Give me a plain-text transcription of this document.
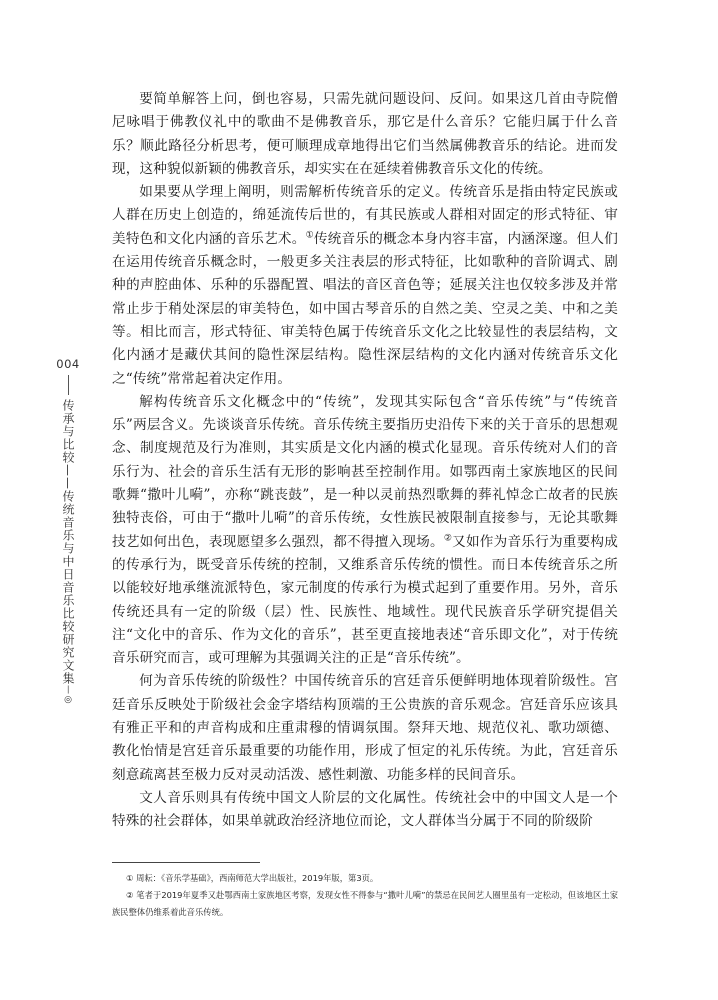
004
传承与比较——传统音乐与中日音乐比较研究文集—◎

要简单解答上问，倒也容易，只需先就问题设问、反问。如果这几首由寺院僧尼咏唱于佛教仪礼中的歌曲不是佛教音乐，那它是什么音乐？它能归属于什么音乐？顺此路径分析思考，便可顺理成章地得出它们当然属佛教音乐的结论。进而发现，这种貌似新颖的佛教音乐，却实实在在延续着佛教音乐文化的传统。

如果要从学理上阐明，则需解析传统音乐的定义。传统音乐是指由特定民族或人群在历史上创造的，绵延流传后世的，有其民族或人群相对固定的形式特征、审美特色和文化内涵的音乐艺术。①传统音乐的概念本身内容丰富，内涵深邃。但人们在运用传统音乐概念时，一般更多关注表层的形式特征，比如歌种的音阶调式、剧种的声腔曲体、乐种的乐器配置、唱法的音区音色等；延展关注也仅较多涉及并常常止步于稍处深层的审美特色，如中国古琴音乐的自然之美、空灵之美、中和之美等。相比而言，形式特征、审美特色属于传统音乐文化之比较显性的表层结构，文化内涵才是藏伏其间的隐性深层结构。隐性深层结构的文化内涵对传统音乐文化之“传统”常常起着决定作用。

解构传统音乐文化概念中的“传统”，发现其实际包含“音乐传统”与“传统音乐”两层含义。先谈谈音乐传统。音乐传统主要指历史沿传下来的关于音乐的思想观念、制度规范及行为准则，其实质是文化内涵的模式化显现。音乐传统对人们的音乐行为、社会的音乐生活有无形的影响甚至控制作用。如鄂西南土家族地区的民间歌舞“撒叶儿嗬”，亦称“跳丧鼓”，是一种以灵前热烈歌舞的葬礼悼念亡故者的民族独特丧俗，可由于“撒叶儿嗬”的音乐传统，女性族民被限制直接参与，无论其歌舞技艺如何出色，表现愿望多么强烈，都不得擅入现场。②又如作为音乐行为重要构成的传承行为，既受音乐传统的控制，又维系音乐传统的惯性。而日本传统音乐之所以能较好地承继流派特色，家元制度的传承行为模式起到了重要作用。另外，音乐传统还具有一定的阶级（层）性、民族性、地域性。现代民族音乐学研究提倡关注“文化中的音乐、作为文化的音乐”，甚至更直接地表述“音乐即文化”，对于传统音乐研究而言，或可理解为其强调关注的正是“音乐传统”。

何为音乐传统的阶级性？中国传统音乐的宫廷音乐便鲜明地体现着阶级性。宫廷音乐反映处于阶级社会金字塔结构顶端的王公贵族的音乐观念。宫廷音乐应该具有雅正平和的声音构成和庄重肃穆的情调氛围。祭拜天地、规范仪礼、歌功颂德、教化怡情是宫廷音乐最重要的功能作用，形成了恒定的礼乐传统。为此，宫廷音乐刻意疏离甚至极力反对灵动活泼、感性刺激、功能多样的民间音乐。

文人音乐则具有传统中国文人阶层的文化属性。传统社会中的中国文人是一个特殊的社会群体，如果单就政治经济地位而论，文人群体当分属于不同的阶级阶

① 周耘：《音乐学基础》，西南师范大学出版社，2019年版，第3页。

② 笔者于2019年夏季又赴鄂西南土家族地区考察，发现女性不得参与“撒叶儿嗬”的禁忌在民间艺人圈里虽有一定松动，但该地区土家族民整体仍维系着此音乐传统。
